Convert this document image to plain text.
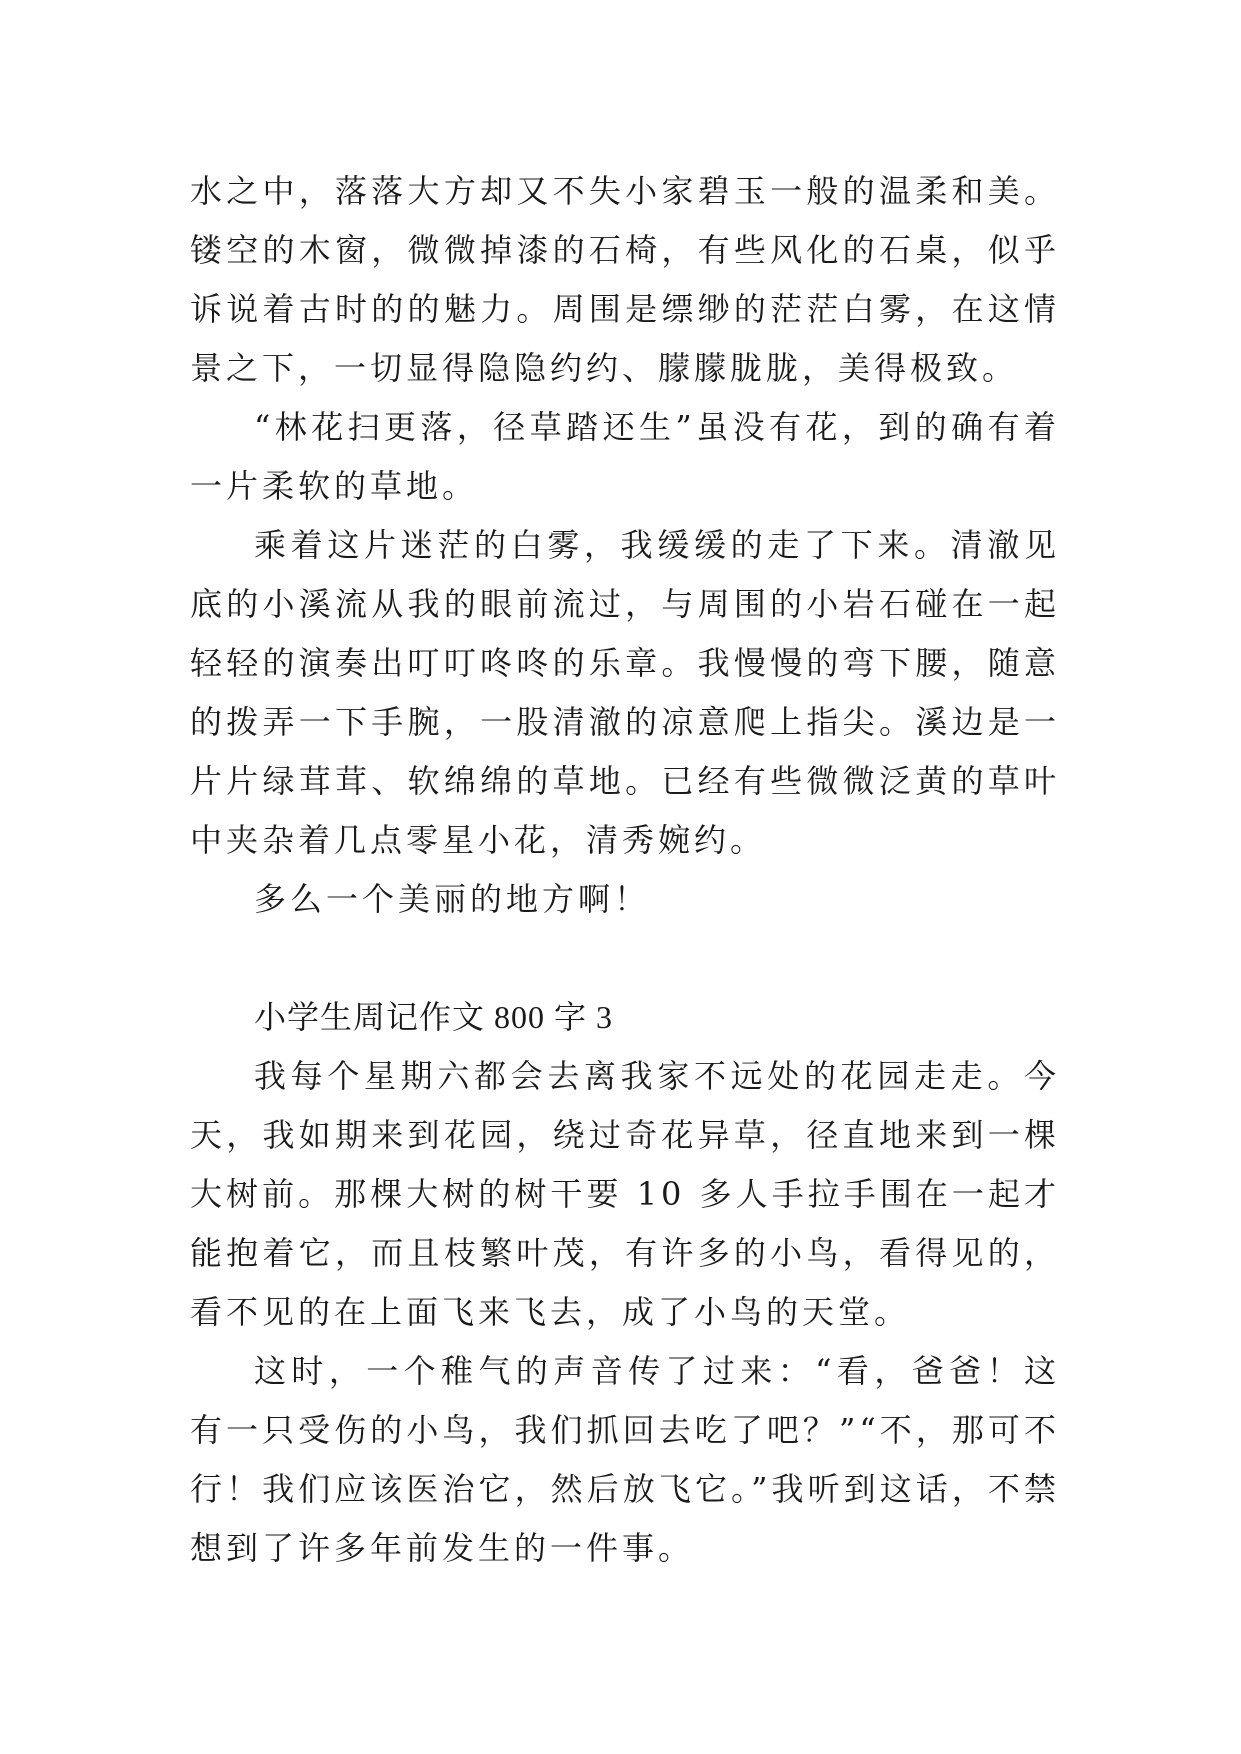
水之中，落落大方却又不失小家碧玉一般的温柔和美。镂空的木窗，微微掉漆的石椅，有些风化的石桌，似乎诉说着古时的的魅力。周围是缥缈的茫茫白雾，在这情景之下，一切显得隐隐约约、朦朦胧胧，美得极致。

“林花扫更落，径草踏还生”虽没有花，到的确有着一片柔软的草地。

乘着这片迷茫的白雾，我缓缓的走了下来。清澈见底的小溪流从我的眼前流过，与周围的小岩石碰在一起轻轻的演奏出叮叮咚咚的乐章。我慢慢的弯下腰，随意的拨弄一下手腕，一股清澈的凉意爬上指尖。溪边是一片片绿茸茸、软绵绵的草地。已经有些微微泛黄的草叶中夹杂着几点零星小花，清秀婉约。

多么一个美丽的地方啊！

小学生周记作文 800 字 3

我每个星期六都会去离我家不远处的花园走走。今天，我如期来到花园，绕过奇花异草，径直地来到一棵大树前。那棵大树的树干要 10 多人手拉手围在一起才能抱着它，而且枝繁叶茂，有许多的小鸟，看得见的，看不见的在上面飞来飞去，成了小鸟的天堂。

这时，一个稚气的声音传了过来：“看，爸爸！这有一只受伤的小鸟，我们抓回去吃了吧？”“不，那可不行！我们应该医治它，然后放飞它。”我听到这话，不禁想到了许多年前发生的一件事。
